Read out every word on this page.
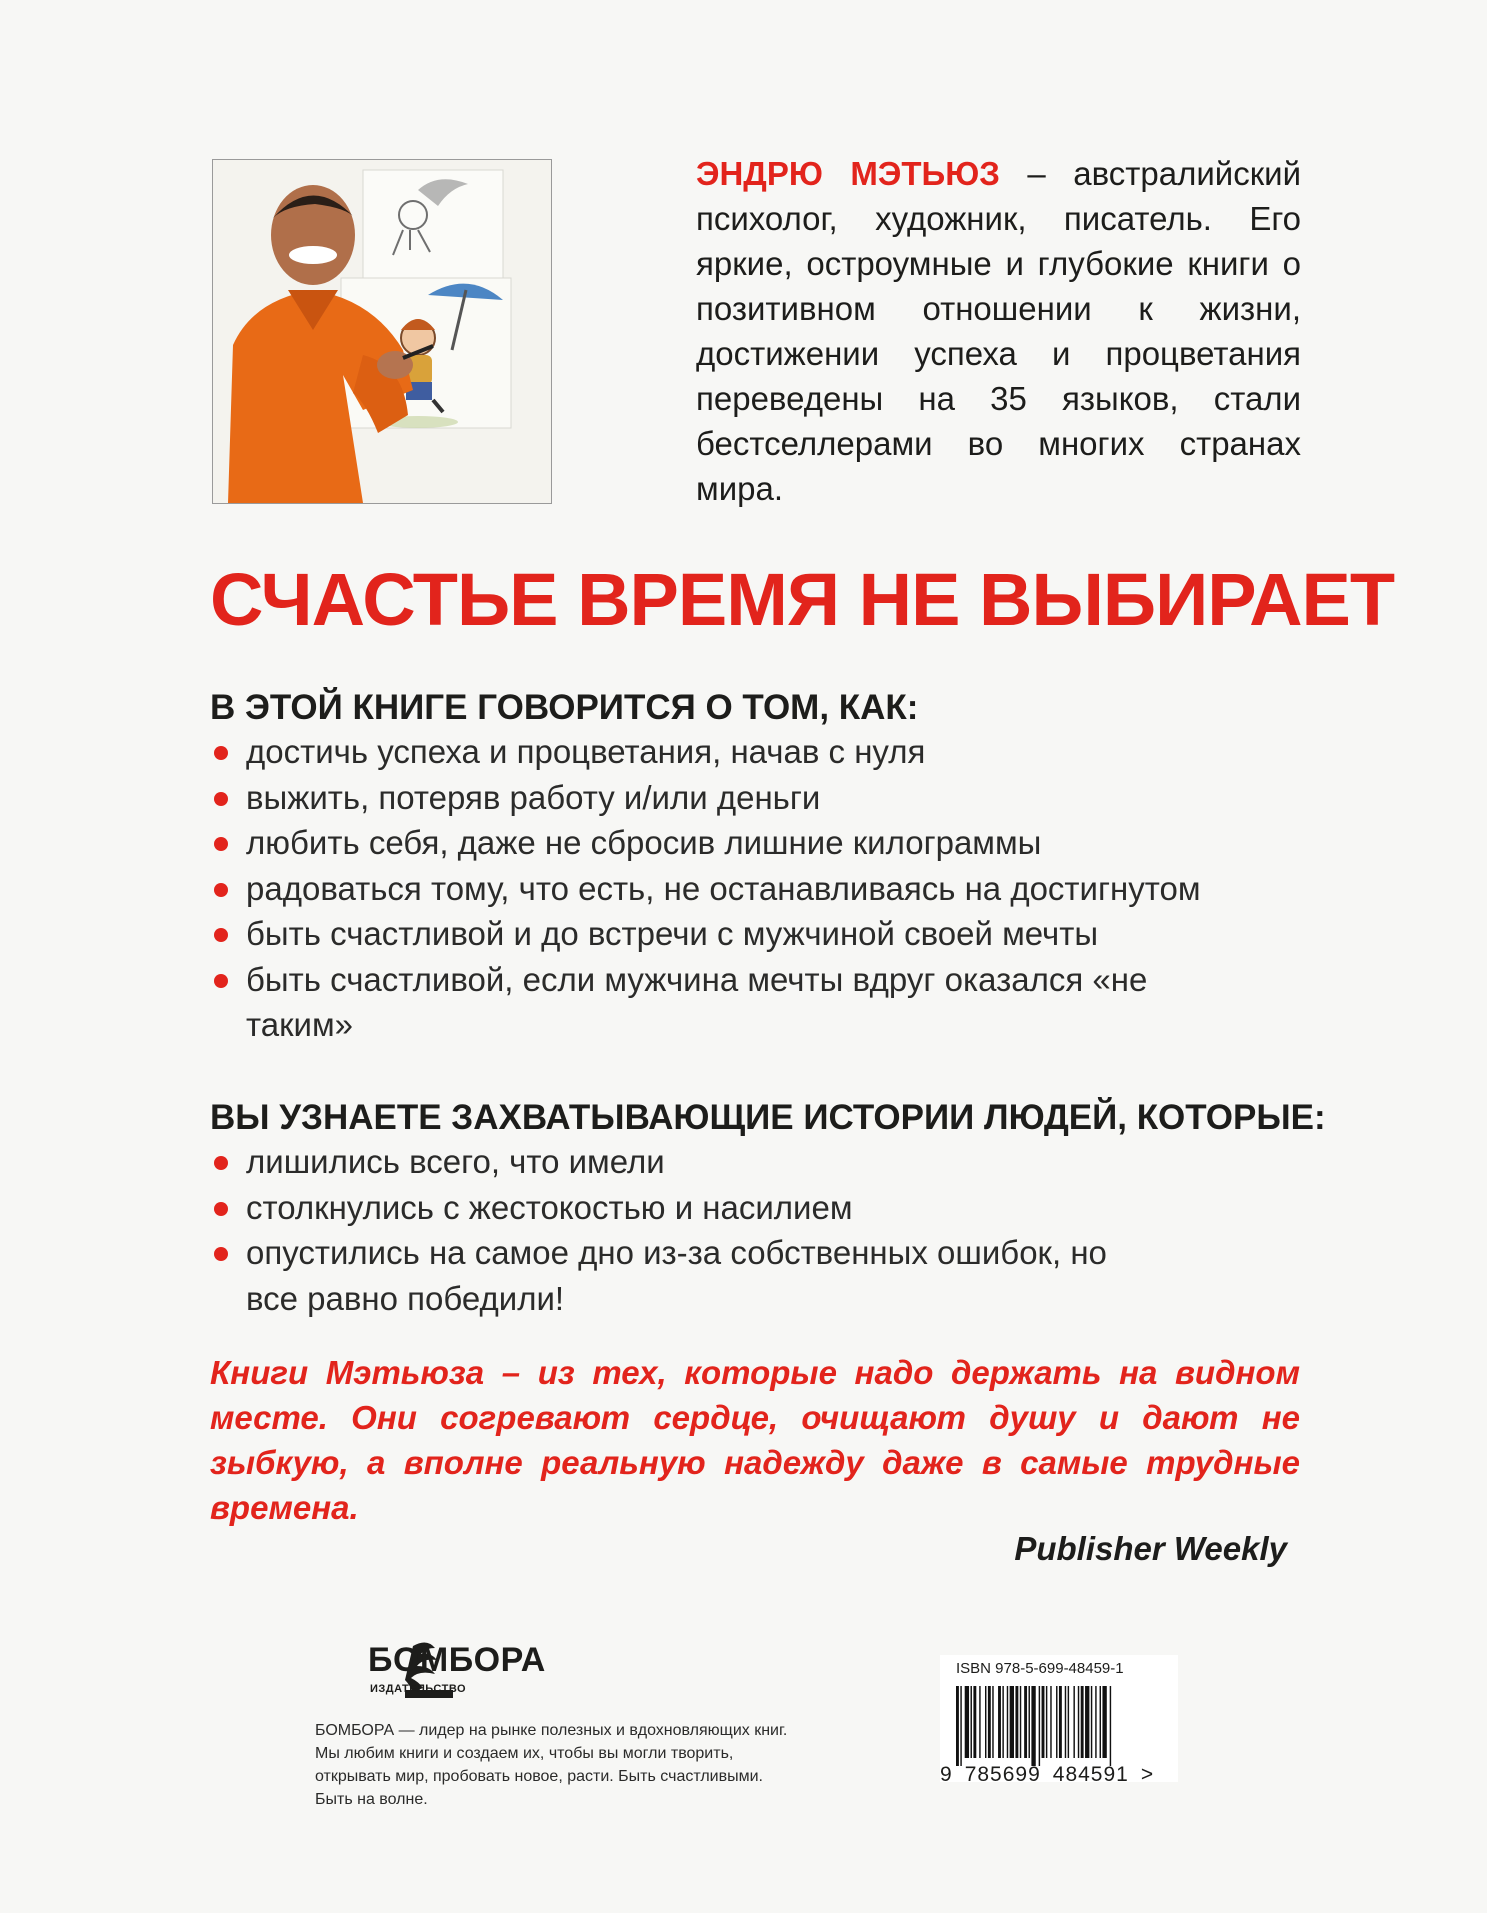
ЭНДРЮ МЭТЬЮЗ – австралийский психолог, художник, писатель. Его яркие, остроумные и глубокие книги о позитивном отношении к жизни, достижении успеха и процветания переведены на 35 языков, стали бестселлерами во многих странах мира.
СЧАСТЬЕ ВРЕМЯ НЕ ВЫБИРАЕТ
В ЭТОЙ КНИГЕ ГОВОРИТСЯ О ТОМ, КАК:
достичь успеха и процветания, начав с нуля
выжить, потеряв работу и/или деньги
любить себя, даже не сбросив лишние килограммы
радоваться тому, что есть, не останавливаясь на достигнутом
быть счастливой и до встречи с мужчиной своей мечты
быть счастливой, если мужчина мечты вдруг оказался «не таким»
ВЫ УЗНАЕТЕ ЗАХВАТЫВАЮЩИЕ ИСТОРИИ ЛЮДЕЙ, КОТОРЫЕ:
лишились всего, что имели
столкнулись с жестокостью и насилием
опустились на самое дно из-за собственных ошибок, но все равно победили!
Книги Мэтьюза – из тех, которые надо держать на видном месте. Они согревают сердце, очищают душу и дают не зыбкую, а вполне реальную надежду даже в самые трудные времена.
Publisher Weekly
БОМБОРА
ИЗДАТЕЛЬСТВО
БОМБОРА — лидер на рынке полезных и вдохновляющих книг. Мы любим книги и создаем их, чтобы вы могли творить, открывать мир, пробовать новое, расти. Быть счастливыми. Быть на волне.
ISBN 978-5-699-48459-1
9 785699 484591 >
